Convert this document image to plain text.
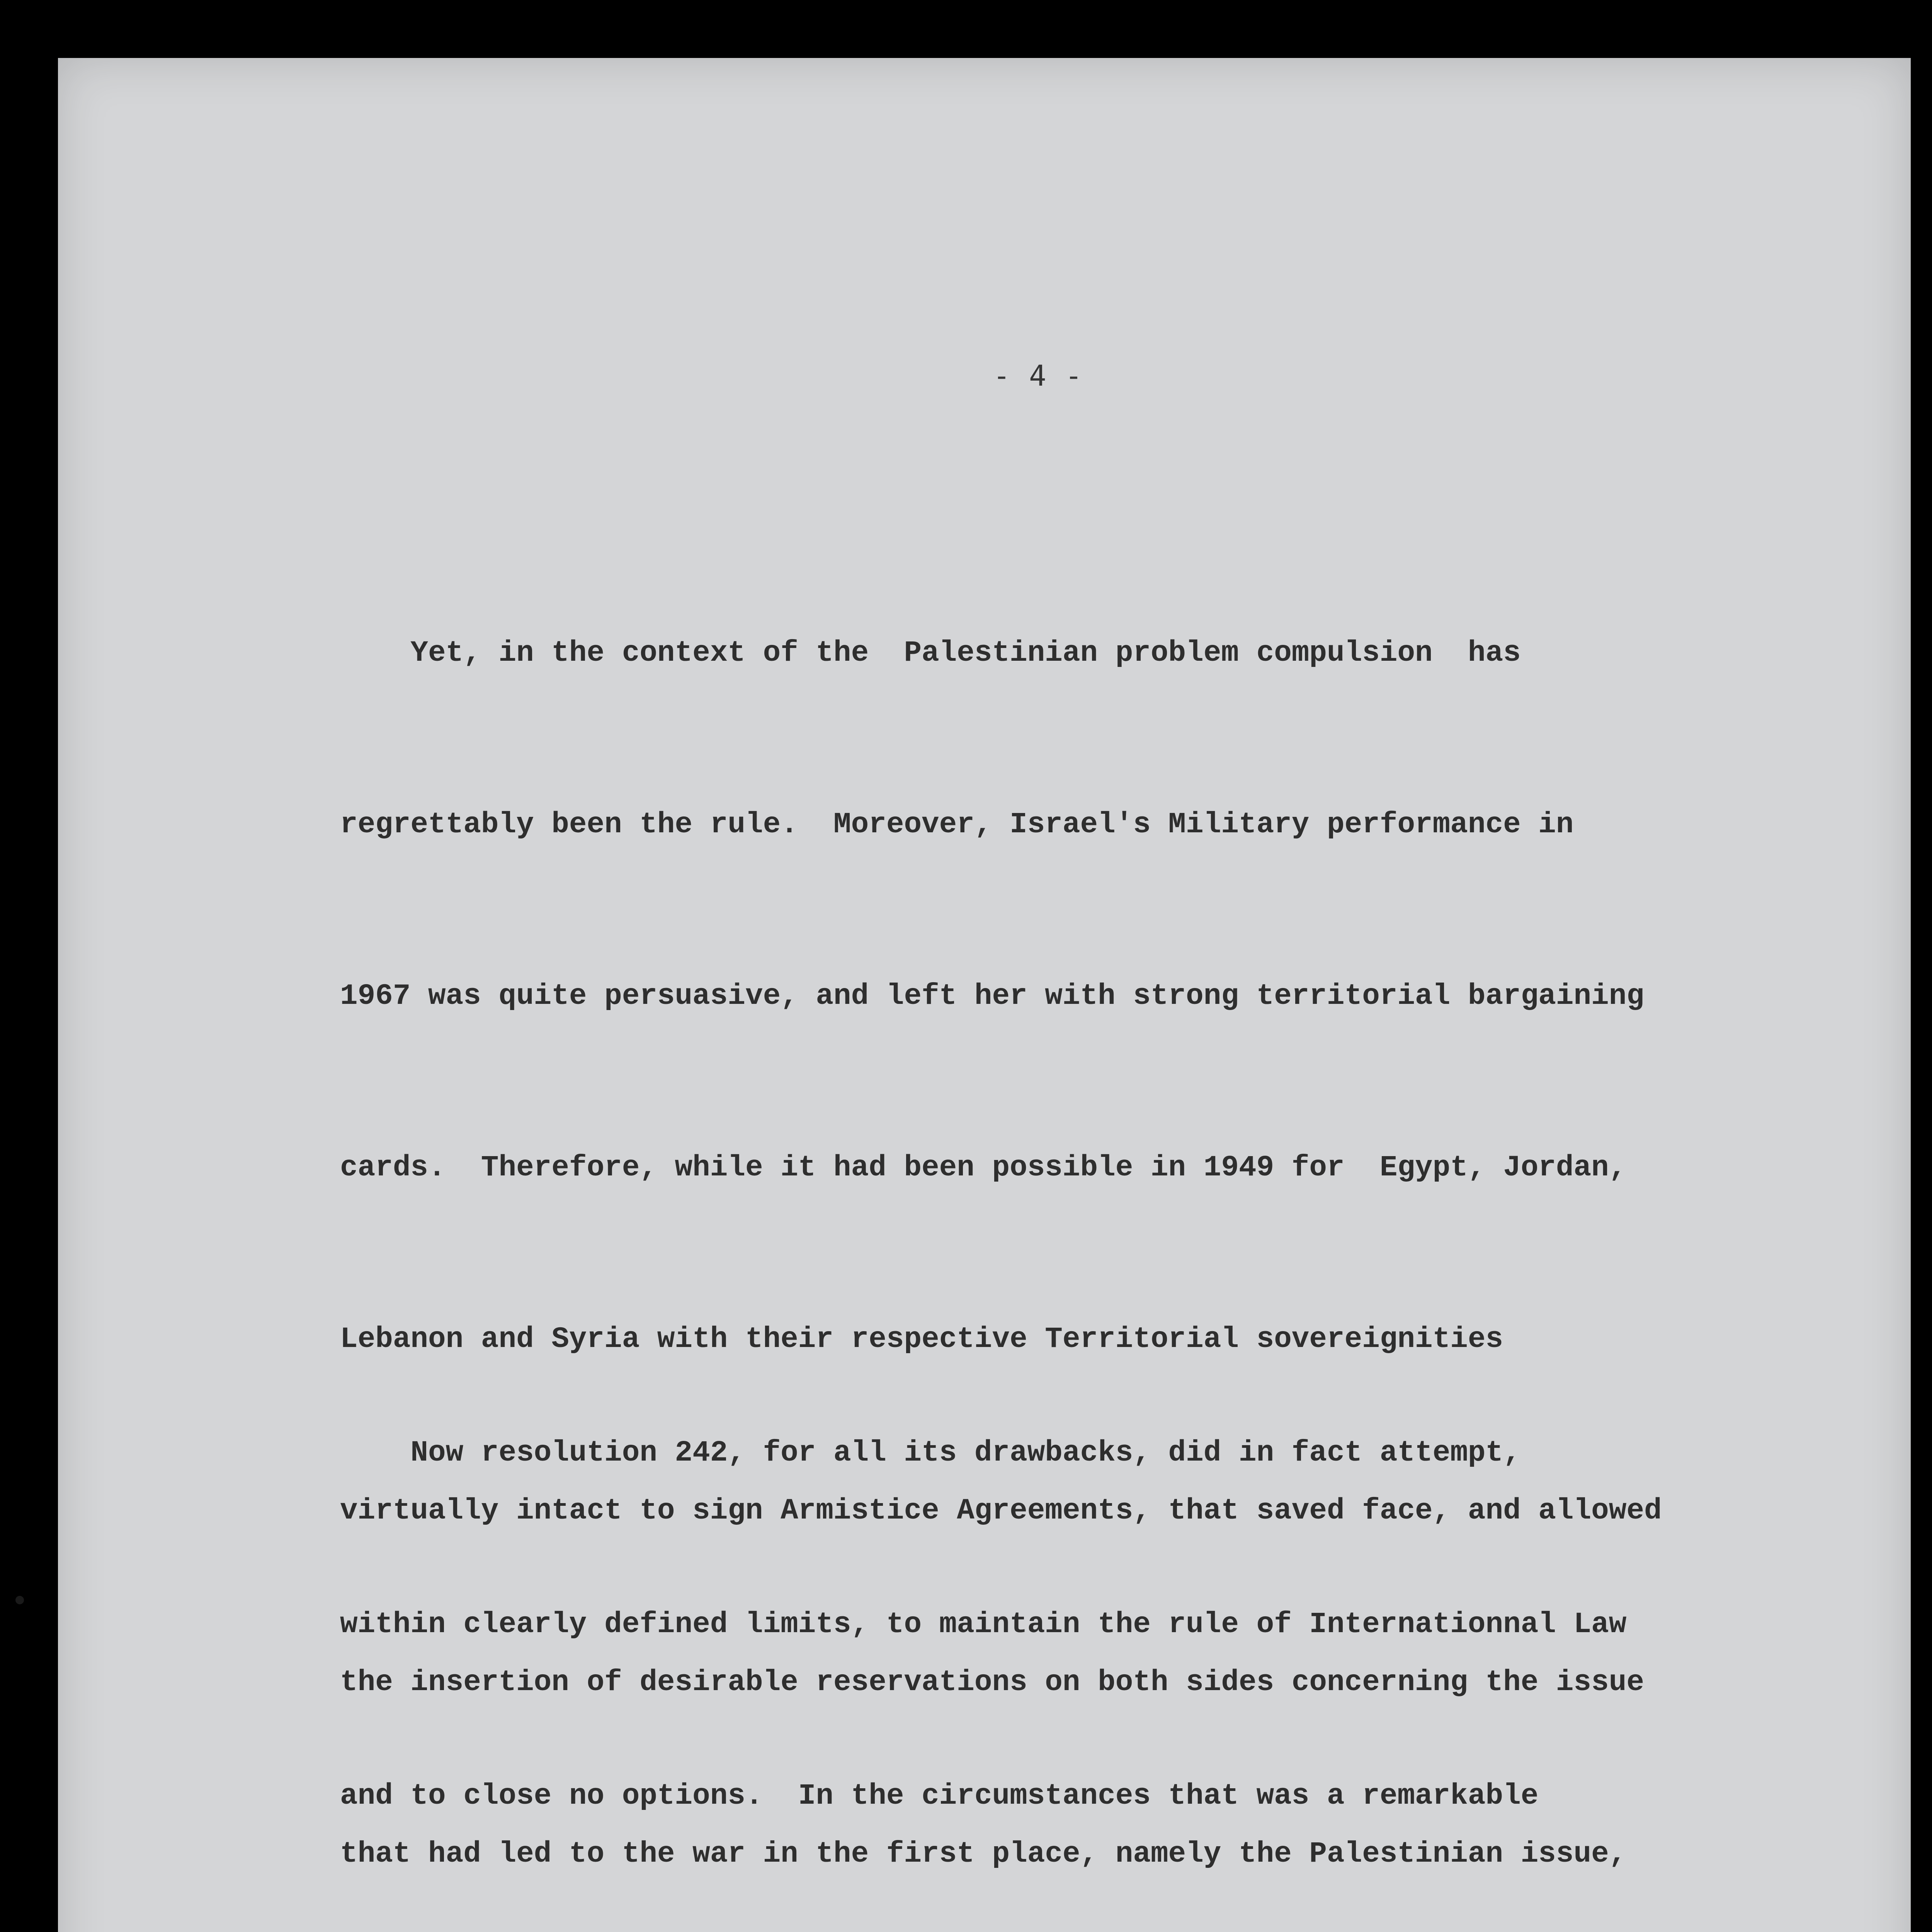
- 4 -

Yet, in the context of the  Palestinian problem compulsion  has

regrettably been the rule.  Moreover, Israel's Military performance in

1967 was quite persuasive, and left her with strong territorial bargaining

cards.  Therefore, while it had been possible in 1949 for  Egypt, Jordan,

Lebanon and Syria with their respective Territorial sovereignities

virtually intact to sign Armistice Agreements, that saved face, and allowed

the insertion of desirable reservations on both sides concerning the issue

that had led to the war in the first place, namely the Palestinian issue,

Now resolution 242, for all its drawbacks, did in fact attempt,

within clearly defined limits, to maintain the rule of Internationnal Law

and to close no options.  In the circumstances that was a remarkable
